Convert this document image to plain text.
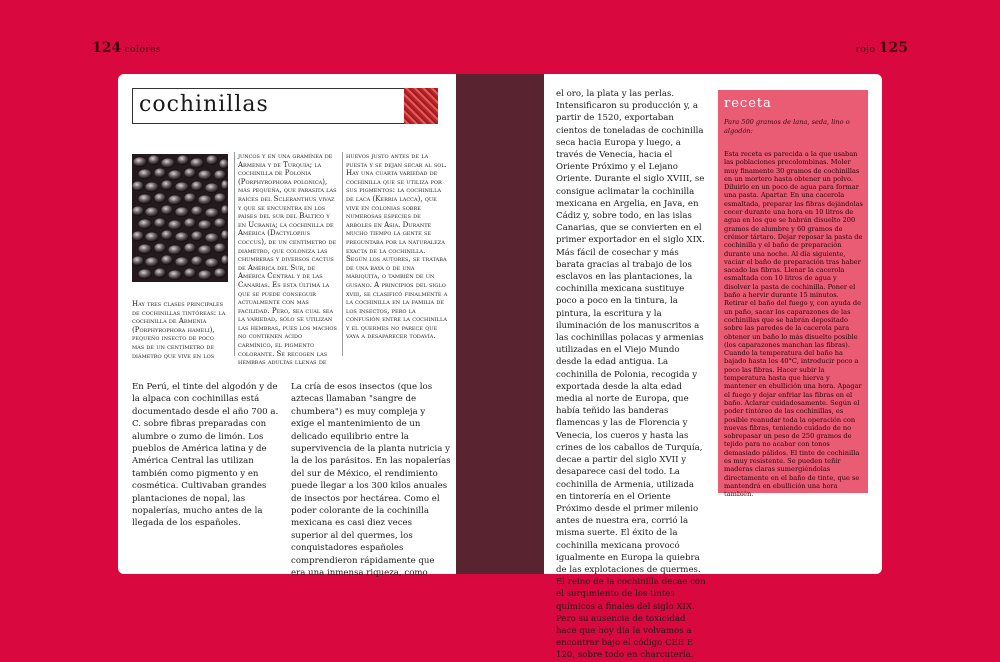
124 colores	rojo 125
cochinillas
Hay tres clases principales de cochinillas tintóreas: la cochinilla de Armenia (Porphyrophora hameli), pequeño insecto de poco más de un centímetro de diámetro que vive en los
juncos y en una gramínea de Armenia y de Turquía; la cochinilla de Polonia (Porphyrophora polonica), más pequeña, que parasita las raíces del Scleranthus vivaz y que se encuentra en los países del sur del Báltico y en Ucrania; la cochinilla de América (Dactylopius coccus), de un centímetro de diámetro, que coloniza las chumberas y diversos cactus de América del Sur, de América Central y de las Canarias. Es esta última la que se puede conseguir actualmente con más facilidad. Pero, sea cual sea la variedad, sólo se utilizan las hembras, pues los machos no contienen ácido carmínico, el pigmento colorante. Se recogen las hembras adultas llenas de
huevos justo antes de la puesta y se dejan secar al sol. Hay una cuarta variedad de cochinilla que se utiliza por sus pigmentos: la cochinilla de laca (Kerria lacca), que vive en colonias sobre numerosas especies de árboles en Asia. Durante mucho tiempo la gente se preguntaba por la naturaleza exacta de la cochinilla. Según los autores, se trataba de una baya o de una mariquita, o también de un gusano. A principios del siglo xviii, se clasificó finalmente a la cochinilla en la familia de los insectos, pero la confusión entre la cochinilla y el quermes no parece que vaya a desaparecer todavía.
En Perú, el tinte del algodón y de la alpaca con cochinillas está documentado desde el año 700 a. C. sobre fibras preparadas con alumbre o zumo de limón. Los pueblos de América latina y de América Central las utilizan también como pigmento y en cosmética. Cultivaban grandes plantaciones de nopal, las nopalerías, mucho antes de la llegada de los españoles.
La cría de esos insectos (que los aztecas llamaban "sangre de chumbera") es muy compleja y exige el mantenimiento de un delicado equilibrio entre la supervivencia de la planta nutricia y la de los parásitos. En las nopalerías del sur de México, el rendimiento puede llegar a los 300 kilos anuales de insectos por hectárea. Como el poder colorante de la cochinilla mexicana es casi diez veces superior al del quermes, los conquistadores españoles comprendieron rápidamente que era una inmensa riqueza, como
el oro, la plata y las perlas. Intensificaron su producción y, a partir de 1520, exportaban cientos de toneladas de cochinilla seca hacia Europa y luego, a través de Venecia, hacia el Oriente Próximo y el Lejano Oriente. Durante el siglo XVIII, se consigue aclimatar la cochinilla mexicana en Argelia, en Java, en Cádiz y, sobre todo, en las islas Canarias, que se convierten en el primer exportador en el siglo XIX. Más fácil de cosechar y más barata gracias al trabajo de los esclavos en las plantaciones, la cochinilla mexicana sustituye poco a poco en la tintura, la pintura, la escritura y la iluminación de los manuscritos a las cochinillas polacas y armenias utilizadas en el Viejo Mundo desde la edad antigua. La cochinilla de Polonia, recogida y exportada desde la alta edad media al norte de Europa, que había teñido las banderas flamencas y las de Florencia y Venecia, los cueros y hasta las crines de los caballos de Turquía, decae a partir del siglo XVII y desaparece casi del todo. La cochinilla de Armenia, utilizada en tintorería en el Oriente Próximo desde el primer milenio antes de nuestra era, corrió la misma suerte. El éxito de la cochinilla mexicana provocó igualmente en Europa la quiebra de las explotaciones de quermes. El reino de la cochinilla decae con el surgimiento de los tintes químicos a finales del siglo XIX. Pero su ausencia de toxicidad hace que hoy día la volvamos a encontrar bajo el código CEE E 120, sobre todo en charcutería.
receta
Para 500 gramos de lana, seda, lino o algodón:
Esta receta es parecida a la que usaban las poblaciones precolombinas. Moler muy finamente 30 gramos de cochinillas en un mortero hasta obtener un polvo. Diluirlo en un poco de agua para formar una pasta. Apartar. En una cacerola esmaltada, preparar las fibras dejándolas cocer durante una hora en 10 litros de agua en los que se habrán disuelto 200 gramos de alumbre y 60 gramos de crémor tártaro. Dejar reposar la pasta de cochinilla y el baño de preparación durante una noche. Al día siguiente, vaciar el baño de preparación tras haber sacado las fibras. Llenar la cacerola esmaltada con 10 litros de agua y disolver la pasta de cochinilla. Poner el baño a hervir durante 15 minutos. Retirar el baño del fuego y, con ayuda de un paño, sacar los caparazones de las cochinillas que se habrán depositado sobre las paredes de la cacerola para obtener un baño lo más disuelto posible (los caparazones manchan las fibras). Cuando la temperatura del baño ha bajado hasta los 40°C, introducir poco a poco las fibras. Hacer subir la temperatura hasta que hierva y mantener en ebullición una hora. Apagar el fuego y dejar enfriar las fibras en el baño. Aclarar cuidadosamente. Según el poder tintóreo de las cochinillas, es posible reanudar toda la operación con nuevas fibras, teniendo cuidado de no sobrepasar un peso de 250 gramos de tejido para no acabar con tonos demasiado pálidos. El tinte de cochinilla es muy resistente. Se pueden teñir maderas claras sumergiéndolas directamente en el baño de tinte, que se mantendrá en ebullición una hora también.
